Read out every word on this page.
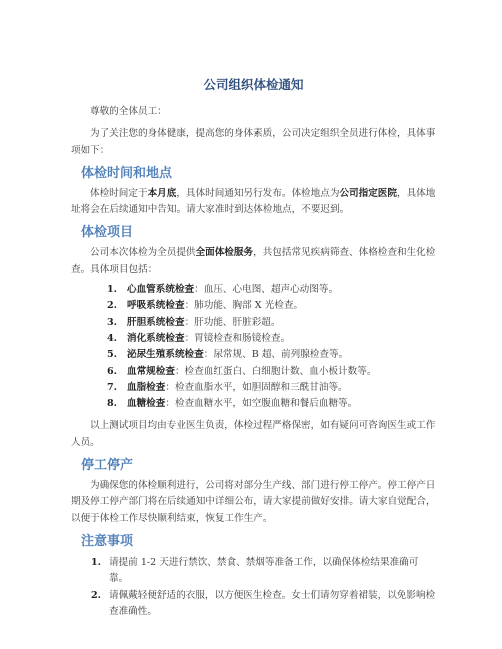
公司组织体检通知

尊敬的全体员工：

为了关注您的身体健康，提高您的身体素质，公司决定组织全员进行体检，具体事项如下：

体检时间和地点

体检时间定于本月底，具体时间通知另行发布。体检地点为公司指定医院，具体地址将会在后续通知中告知。请大家准时到达体检地点，不要迟到。

体检项目

公司本次体检为全员提供全面体检服务，共包括常见疾病筛查、体格检查和生化检查。具体项目包括：

1. 心血管系统检查：血压、心电图、超声心动图等。
2. 呼吸系统检查：肺功能、胸部 X 光检查。
3. 肝胆系统检查：肝功能、肝脏彩超。
4. 消化系统检查：胃镜检查和肠镜检查。
5. 泌尿生殖系统检查：尿常规、B 超、前列腺检查等。
6. 血常规检查：检查血红蛋白、白细胞计数、血小板计数等。
7. 血脂检查：检查血脂水平，如胆固醇和三酰甘油等。
8. 血糖检查：检查血糖水平，如空腹血糖和餐后血糖等。

以上测试项目均由专业医生负责，体检过程严格保密，如有疑问可咨询医生或工作人员。

停工停产

为确保您的体检顺利进行，公司将对部分生产线、部门进行停工停产。停工停产日期及停工停产部门将在后续通知中详细公布，请大家提前做好安排。请大家自觉配合，以便于体检工作尽快顺利结束，恢复工作生产。

注意事项
1. 请提前 1-2 天进行禁饮、禁食、禁烟等准备工作，以确保体检结果准确可靠。
2. 请佩戴轻便舒适的衣服，以方便医生检查。女士们请勿穿着裙装，以免影响检查准确性。
